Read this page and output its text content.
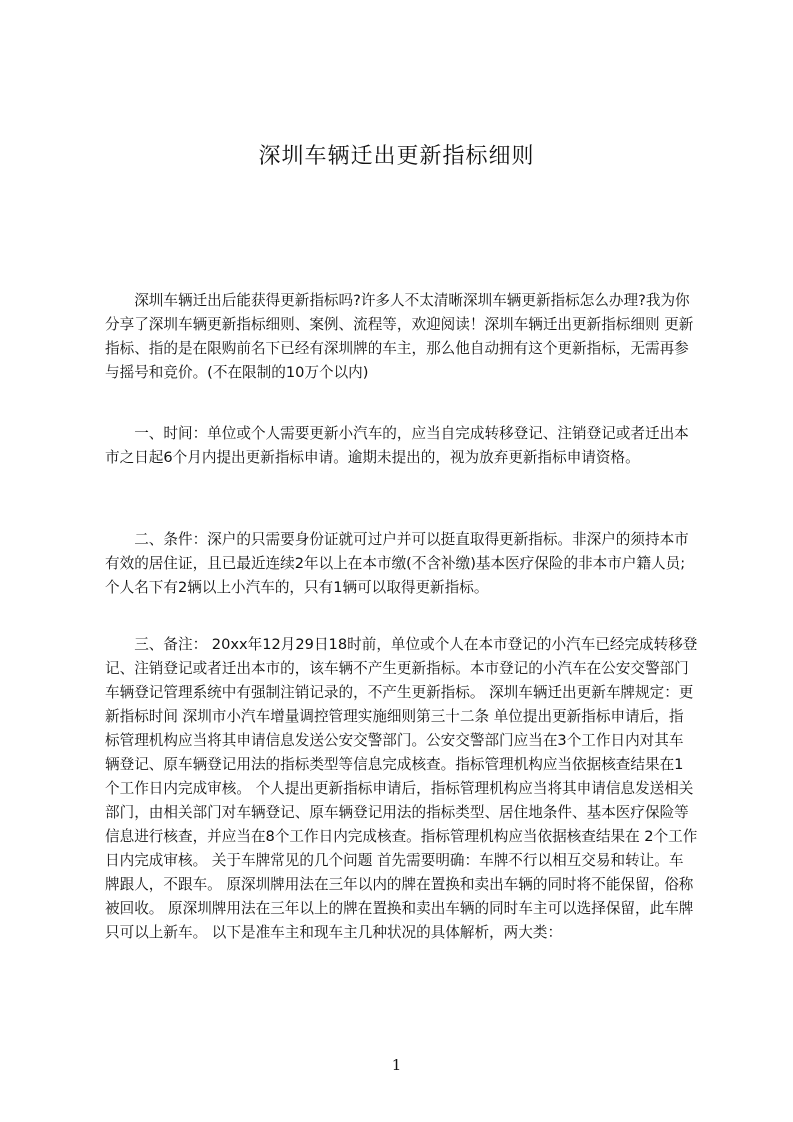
深圳车辆迁出更新指标细则

深圳车辆迁出后能获得更新指标吗?许多人不太清晰深圳车辆更新指标怎么办理?我为你分享了深圳车辆更新指标细则、案例、流程等，欢迎阅读！深圳车辆迁出更新指标细则 更新指标、指的是在限购前名下已经有深圳牌的车主，那么他自动拥有这个更新指标，无需再参与摇号和竞价。(不在限制的10万个以内)

一、时间：单位或个人需要更新小汽车的，应当自完成转移登记、注销登记或者迁出本市之日起6个月内提出更新指标申请。逾期未提出的，视为放弃更新指标申请资格。

二、条件：深户的只需要身份证就可过户并可以挺直取得更新指标。非深户的须持本市有效的居住证，且已最近连续2年以上在本市缴(不含补缴)基本医疗保险的非本市户籍人员;个人名下有2辆以上小汽车的，只有1辆可以取得更新指标。

三、备注： 20xx年12月29日18时前，单位或个人在本市登记的小汽车已经完成转移登记、注销登记或者迁出本市的，该车辆不产生更新指标。本市登记的小汽车在公安交警部门车辆登记管理系统中有强制注销记录的，不产生更新指标。 深圳车辆迁出更新车牌规定：更新指标时间 深圳市小汽车增量调控管理实施细则第三十二条 单位提出更新指标申请后，指标管理机构应当将其申请信息发送公安交警部门。公安交警部门应当在3个工作日内对其车辆登记、原车辆登记用法的指标类型等信息完成核查。指标管理机构应当依据核查结果在1个工作日内完成审核。 个人提出更新指标申请后，指标管理机构应当将其申请信息发送相关部门，由相关部门对车辆登记、原车辆登记用法的指标类型、居住地条件、基本医疗保险等信息进行核查，并应当在8个工作日内完成核查。指标管理机构应当依据核查结果在 2个工作日内完成审核。 关于车牌常见的几个问题 首先需要明确：车牌不行以相互交易和转让。车牌跟人，不跟车。 原深圳牌用法在三年以内的牌在置换和卖出车辆的同时将不能保留，俗称被回收。 原深圳牌用法在三年以上的牌在置换和卖出车辆的同时车主可以选择保留，此车牌只可以上新车。 以下是准车主和现车主几种状况的具体解析，两大类：

1
